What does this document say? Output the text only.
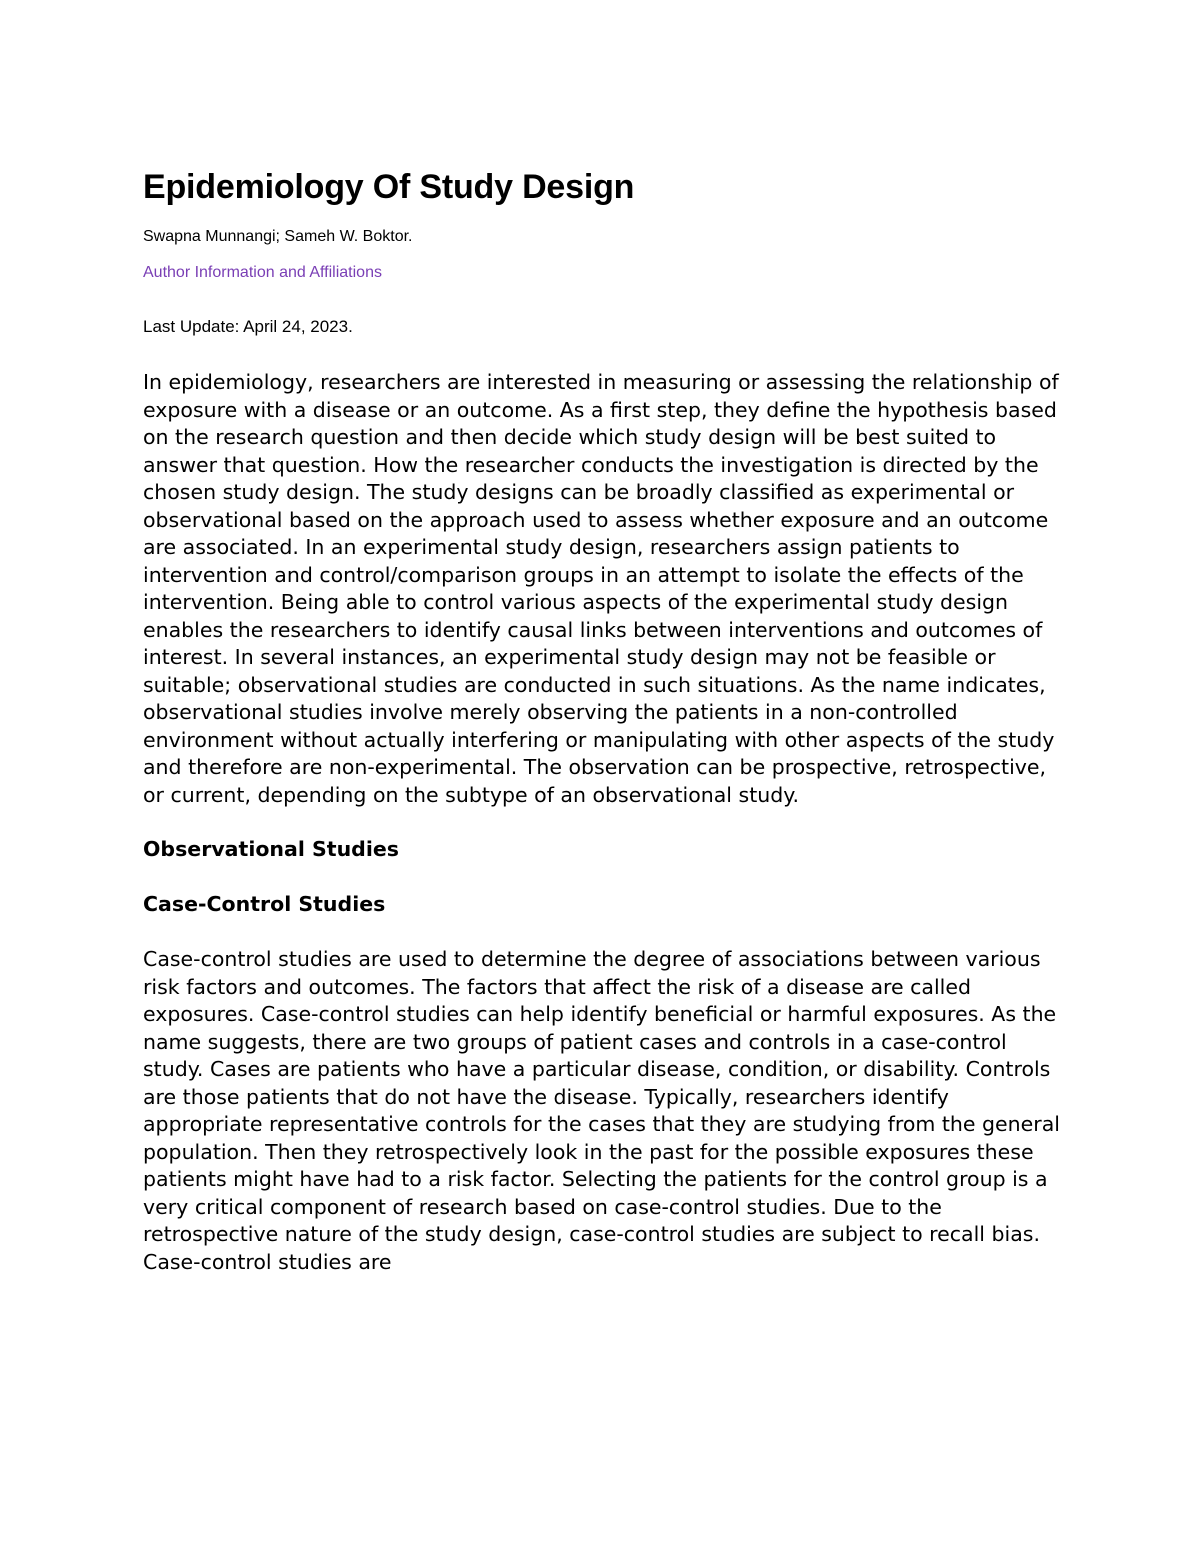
Epidemiology Of Study Design

Swapna Munnangi; Sameh W. Boktor.

Author Information and Affiliations

Last Update: April 24, 2023.

In epidemiology, researchers are interested in measuring or assessing the relationship of exposure with a disease or an outcome. As a first step, they define the hypothesis based on the research question and then decide which study design will be best suited to answer that question. How the researcher conducts the investigation is directed by the chosen study design. The study designs can be broadly classified as experimental or observational based on the approach used to assess whether exposure and an outcome are associated. In an experimental study design, researchers assign patients to intervention and control/comparison groups in an attempt to isolate the effects of the intervention. Being able to control various aspects of the experimental study design enables the researchers to identify causal links between interventions and outcomes of interest. In several instances, an experimental study design may not be feasible or suitable; observational studies are conducted in such situations. As the name indicates, observational studies involve merely observing the patients in a non-controlled environment without actually interfering or manipulating with other aspects of the study and therefore are non-experimental. The observation can be prospective, retrospective, or current, depending on the subtype of an observational study.

Observational Studies
Case-Control Studies

Case-control studies are used to determine the degree of associations between various risk factors and outcomes. The factors that affect the risk of a disease are called exposures. Case-control studies can help identify beneficial or harmful exposures. As the name suggests, there are two groups of patient cases and controls in a case-control study. Cases are patients who have a particular disease, condition, or disability. Controls are those patients that do not have the disease. Typically, researchers identify appropriate representative controls for the cases that they are studying from the general population. Then they retrospectively look in the past for the possible exposures these patients might have had to a risk factor. Selecting the patients for the control group is a very critical component of research based on case-control studies. Due to the retrospective nature of the study design, case-control studies are subject to recall bias. Case-control studies are
